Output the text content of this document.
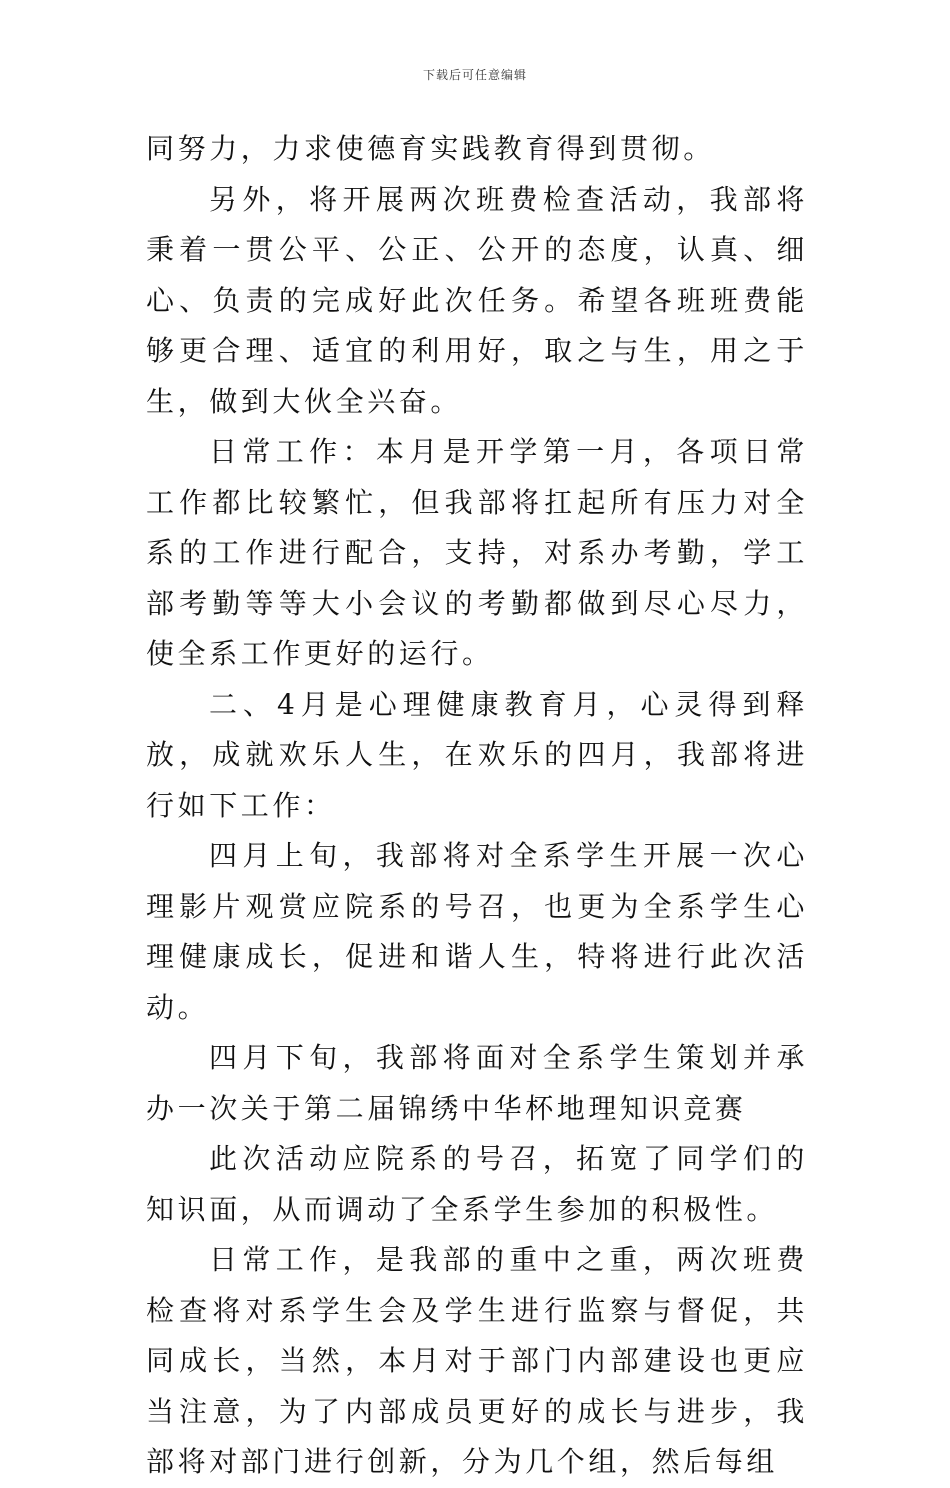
下载后可任意编辑

同努力，力求使德育实践教育得到贯彻。

另外，将开展两次班费检查活动，我部将秉着一贯公平、公正、公开的态度，认真、细心、负责的完成好此次任务。希望各班班费能够更合理、适宜的利用好，取之与生，用之于生，做到大伙全兴奋。

日常工作：本月是开学第一月，各项日常工作都比较繁忙，但我部将扛起所有压力对全系的工作进行配合，支持，对系办考勤，学工部考勤等等大小会议的考勤都做到尽心尽力，使全系工作更好的运行。

二、4月是心理健康教育月，心灵得到释放，成就欢乐人生，在欢乐的四月，我部将进行如下工作：

四月上旬，我部将对全系学生开展一次心理影片观赏应院系的号召，也更为全系学生心理健康成长，促进和谐人生，特将进行此次活动。

四月下旬，我部将面对全系学生策划并承办一次关于第二届锦绣中华杯地理知识竞赛

此次活动应院系的号召，拓宽了同学们的知识面，从而调动了全系学生参加的积极性。

日常工作，是我部的重中之重，两次班费检查将对系学生会及学生进行监察与督促，共同成长，当然，本月对于部门内部建设也更应当注意，为了内部成员更好的成长与进步，我部将对部门进行创新，分为几个组，然后每组
